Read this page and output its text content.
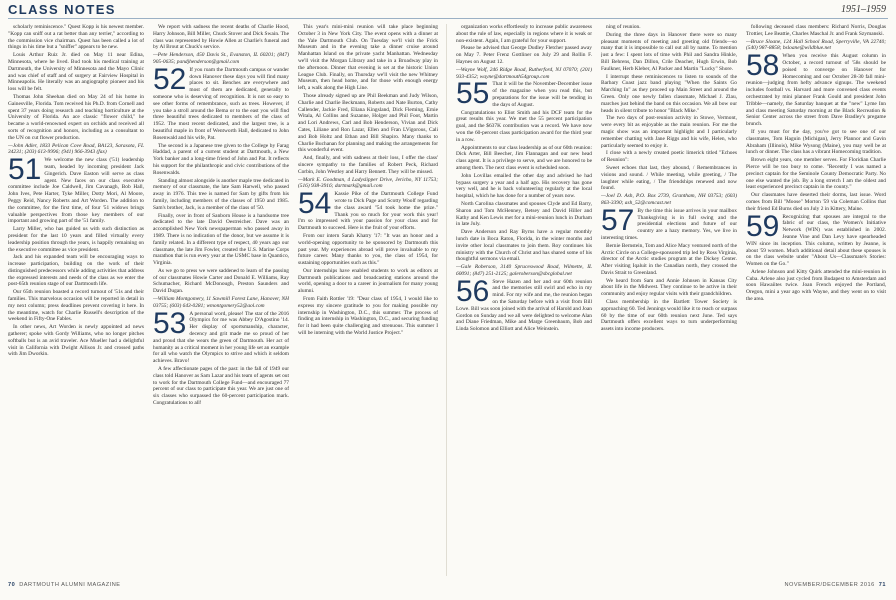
CLASS NOTES	1951–1959

scholarly reminiscence." Quest Kopp is his newest member. "Kopp can sniff out a rat better than any terrier," according to the commission vice chairman. Quest has been called a lot of things in his time but a "sniffer" appears to be new.

Louis Arthur Ruiz Jr. died on May 11 near Edina, Minnesota, where he lived. Bud took his medical training at Dartmouth, the University of Minnesota and the Mayo Clinic and was chief of staff and of surgery at Fairview Hospital in Minneapolis. He literally was an angiography pioneer and his loss will be felt.

Thomas John Sheehan died on May 24 of his home in Gainesville, Florida. Tom received his Ph.D. from Cornell and spent 37 years doing research and teaching horticulture at the University of Florida. An ace classic "flower child," he became a world-renowned expert on orchids and received all sorts of recognition and honors, including as a consultant to the UN on cut flower production.

—John Adler, 1833 Pelican Cove Road, BA123, Sarasota, FL 34231; (203) 613-9996; (941) 966-3943 (fax)

51 We welcome the new class ('51) leadership team, headed by incoming president Jack Gingerich. Dave Easton will serve as class agent. New faces on our class executive committee include Joe Caldwell, Jim Cavanagh, Bob Hall, John Ives, Pete Harter, Tyke Miller, Dotty Mori, Al Moore, Peggy Reid, Nancy Roberts and Art Worden. The addition to the committee, for the first time, of four '51 widows brings valuable perspectives from those key members of our important and growing part of the '51 family.

Larry Miller, who has guided us with such distinction as president for the last 10 years and filled virtually every leadership position through the years, is happily remaining on the executive committee as vice president.

Jack and his expanded team will be encouraging ways to increase participation, building on the work of their distinguished predecessors while adding activities that address the expressed interests and needs of the class as we enter the post-65th reunion stage of our Dartmouth life.

Our 65th reunion boasted a record turnout of '51s and their families. This marvelous occasion will be reported in detail in my next column; press deadlines prevent covering it here. In the meantime, watch for Charlie Russell's description of the weekend in Fifty-One Fables.

In other news, Art Worden is newly appointed ad news gatherer; spoke with Gordy Williams, who no longer pitches softballs but is an avid traveler. Ace Mueller had a delightful visit in California with Dwight Allison Jr. and crossed paths with Jim Dworkin.

We report with sadness the recent deaths of Charlie Hood, Harry Johnson, Bill Miller, Chuck Stover and Dick Swain. The class was represented by Howie Allen at Charlie's funeral and by Al Brout at Chuck's service.

—Pete Henderson, 450 Davis St., Evanston, IL 60201; (847) 905-0635; pandjhenderson@gmail.com

52 If you roam the Dartmouth campus or wander down Hanover these days you will find many places to sit. Benches are everywhere and most of them are dedicated, generally to someone who is deserving of recognition. It is not so easy to see other forms of remembrance, such as trees. However, if you take a stroll around the Bema or to the east you will find three beautiful trees dedicated to members of the class of 1952. The most recent dedicated, and the largest tree, is a beautiful maple in front of Wentworth Hall, dedicated to John Rosenwald and his wife, Pat.

The second is a Japanese tree given to the College by Farag Haddad, a parent of a current student at Dartmouth, a New York banker and a long-time friend of John and Pat. It reflects his support for the philanthropic and civic contributions of the Rosenwalds.

Standing almost alongside is another maple tree dedicated in memory of our classmate, the late Sam Harwell, who passed away in 1976. This tree is named for Sam by gifts from his family, including members of the classes of 1950 and 1985. Sam's brother, Jack, is a member of the class of '50.

Finally, over in front of Sanborn House is a handsome tree dedicated to the late David Oestreicher. Dave was an accomplished New York newspaperman who passed away in 1989. There is no indication of the donor, but we assume it is family related. In a different type of respect, 40 years ago our classmate, the late Jim Fowler, created the U.S. Marine Corps marathon that is run every year at the USMC base in Quantico, Virginia.

As we go to press we were saddened to learn of the passing of our classmates Howie Carter and Donald E. Williams, Ray Schumacher, Richard McDonough, Preston Saunders and David Dugan.

—William Montgomery, 11 Sawmill Forest Lane, Hanover, NH 03755; (603) 643-0281; wmontgomery52@aol.com

53 A personal word, please! The star of the 2016 Olympics for me was Abbey D'Agostino '14. Her display of sportsmanship, character, decency and grit made me so proud of her and proud that she wears the green of Dartmouth. Her act of humanity as a critical moment in her young life set an example for all who watch the Olympics to strive and which it seldom achieves. Bravo!

A few affectionate pages of the past: in the fall of 1949 our class told Hanover as Sam Lazar and his team of agents set out to work for the Dartmouth College Fund—and encouraged 77 percent of our class to participate this year. We are just one of six classes who surpassed the 60-percent participation mark. Congratulations to all!

This year's mini-mini reunion will take place beginning October 3 in New York City. The event opens with a dinner at the Yale Dartmouth Club. On Tuesday we'll visit the Frick Museum and in the evening take a dinner cruise around Manhattan Island on the private yacht Manhattan. Wednesday we'll visit the Morgan Library and take in a Broadway play in the afternoon. Dinner that evening is set at the historic Union League Club. Finally, on Thursday we'll visit the new Whitney Museum, then head home, and for those with enough energy left, a walk along the High Line.

Those already signed up are Phil Beekman and Judy Wilson, Charlie and Charlie Beckmann, Roberts and Nate Burton, Cathy Callender, Jackie Fred, Eliana Kingsland, Dick Fleming, Ernie Witala, Al Collins and Suzanne, Holger and Phil Foot, Martin and Lori Andrews, Carl and Bob Henderson, Vivian and Dick Cates, Liliane and Ron Lazar, Ellen and Fran LVigorous, Cali and Bob Holtz and Ethan and Bill Shapiro. Many thanks to Charlie Buchanan for planning and making the arrangements for this wonderful event.

And, finally, and with sadness at their loss, I offer the class' sincere sympathy to the families of Robert Peck, Richard Corbin, John Westley and Harry Bennett. They will be missed.

—Mark E. Goodman, 4 Ladyslipper Drive, Jericho, NY 11753; (516) 938-3916; dartmark@gmail.com

54 Kassie Pike of the Dartmouth College Fund wrote to Dick Page and Scotty Woolf regarding the class award "54 took home the prize." Thank you so much for your work this year! I'm so impressed with your passion for your class and for Dartmouth to succeed. Here is the fruit of your efforts.

From our intern Sarah Khatry '17: "It was an honor and a world-opening opportunity to be sponsored by Dartmouth this past year. My experiences abroad will prove invaluable to my future career. Many thanks to you, the class of 1954, for sustaining opportunities such as this."

Our internships have enabled students to work as editors at Dartmouth publications and broadcasting stations around the world, opening a door to a career in journalism for many young alumni.

From Faith Rottler '19: "Dear class of 1954, I would like to express my sincere gratitude to you for making possible my internship in Washington, D.C., this summer. The process of finding an internship in Washington, D.C., and securing funding for it had been quite challenging and strenuous. This summer I will be interning with the World Justice Project."

organization works effortlessly to increase public awareness about the rule of law, especially in regions where it is weak or non-existent. Again, I am grateful for your support.

Please be advised that George Dudley Fletcher passed away on May 7. Peter Frenz Gottliner on July 29 and Rollin F. Haynes on August 12.

—Wayne Wolf, 246 Ridge Road, Rutherford, NJ 07070; (201) 933-4352; wayne@dartmouth54group.com

55 That it will be the November-December issue of the magazine when you read this, but preparations for the issue will be tending in the days of August.

Congratulations to Eliot Smith and his DCF team for the great results this year. We met the 55 percent participation goal, and the $637K contribution was a record. We have now won the 60-percent class participation award for the third year in a row.

Appointments to our class leadership as of our 60th reunion: Dick Arter, Bill Beecher, Jim Flannagan and our new head class agent. It is a privilege to serve, and we are honored to be among them. The next class event is scheduled soon.

John Lovillas emailed the other day and advised he had bypass surgery a year and a half ago. His recovery has gone very well, and he is back volunteering regularly at the local hospital, which he has done for a number of years now.

North Carolina classmates and spouses Clyde and Ed Barry, Sharon and Tom McHenney, Betsey and David Hiller and Kathy and Ken Lewis met for a mini-reunion lunch in Durham in late July.

Dave Anderson and Ray Byrns have a regular monthly lunch date in Boca Raton, Florida, in the winter months and invite other local classmates to join them. Roy continues his ministry with the Church of Christ and has shared some of his thoughtful sermons via email.

—Gale Roberson, 3140 Spruceswood Road, Wilmette, IL 60091; (847) 251-2125; galeroberson@sbcglobal.net

56 Steve Hazen and her and our 60th reunion and the memories still swirl and echo in my mind. For my wife and me, the reunion began on the Saturday before with a visit from Bill Lowe. Bill was soon joined with the arrival of Harold and Joan Gordon on Sunday and we all were delighted to welcome Alan and Diane Friedman, Mike and Marge Greenbaum, Bob and Linda Solomon and Elliott and Alice Weinstein.

ning of reunion.

During the three days in Hanover there were so many pleasant moments of meeting and greeting old friends—so many that it is impossible to call out all by name. To mention just a few: I spent lots of time with Phil and Sandra Hinkle, Bill Behrens, Dan Dillon, Crile Deacher, Hugh Erwin, Bob Faulkner, Herb Kleber, Al Packer and Martin "Lucky" Shore.

I interrupt these reminiscences to listen to sounds of the Barbary Coast jazz band playing "When the Saints Go Marching In" as they proceed up Main Street and around the Green. Only one newly fallen classmate, Michael J. Zlau, marches just behind the band on this occasion. We all bow our heads in silent tribute to honor "Black Mike."

The two days of post-reunion activity in Stowe, Vermont, were every bit as enjoyable as the main reunion. For me the magic show was an important highlight and I particularly remember chatting with Jane Riggs and his wife, Helen, who particularly seemed to enjoy it.

I close with a newly created poetic limerick titled "Echoes of Reunion":

Sweet echoes that last, they abound, / Remembrances in visions and sound. / While meeting, while greeting, / The laughter while eating, / The friendships renewed and now found.

—Joel D. Ash, P.O. Box 2739, Grantham, NH 03753; (603) 863-3390; ash_52@comcast.net

57 By the time this issue arrives in your mailbox Thanksgiving is in full swing and the presidential elections and future of our country are a hazy memory. Yes, we live in interesting times.

Bernie Bernstein, Tom and Alice Macy ventured north of the Arctic Circle on a College-sponsored trip led by Ross Virginia, director of the Arctic studies program at the Dickey Center. After visiting Iqaluit in the Canadian north, they crossed the Davis Strait to Greenland.

We heard from Sam and Annie Johnsen in Kansas City about life in the Midwest. They continue to be active in their community and enjoy regular visits with their grandchildren.

Class membership in the Bartlett Tower Society is approaching 60. Ted Jennings would like it to reach or surpass 60 by the time of our 60th reunion next June. Ted says Dartmouth offers excellent ways to turn underperforming assets into income producers.

following deceased class members: Richard Norris, Douglas Trottier, Lee Beattie, Charles Maschal Jr. and Frank Szymanski.

—Bruce Sloane, 124 Hall School Road, Sperryville, VA 22740; (540) 987-8858; bsloane@wildblue.net

58 When you receive this August column in October, a record turnout of '58s should be poised to converge on Hanover for Homecoming and our October 28-30 fall mini-reunion—judging from hefty advance signups. The weekend includes football vs. Harvard and more convened class events orchestrated by mini planner Frank Gould and president John Tribble—namely, the Saturday banquet at the "new" Lyme Inn and class meeting Saturday morning at the Black Recreation & Senior Center across the street from Dave Bradley's pregame brunch.

If you must for the day, you've got to see one of our classmates, Tom Haguin (Michigan), Jerry Plannor and Gavin Abraham (Illinois), Mike Wysong (Maine), you may well be at lunch or dinner. The class has a vibrant Homecoming tradition.

Brown eight years, one member serves. For Floridian Charlie Pierce will be too busy to come. "Recently I was named a precinct captain for the Seminole County Democratic Party. No one else wanted the job. By a long stretch I am the oldest and least experienced precinct captain in the county."

Our classmates have deserted their dorms, last issue. Word comes from Bill "Moose" Morton '59 via Coleman Collins that their friend Ed Burns died on July 2 in Kittery, Maine.

59 Recognizing that spouses are integral to the fabric of our class, the Women's Initiative Network (WIN) was established in 2002. Jeanne Vine and Dan Levy have spearheaded WIN since its inception. This column, written by Jeanne, is about '59 women. Much additional detail about these spouses is on the class website under "About Us—Classmate's Stories: Women on the Go."

Arlene Johnson and Kitty Quirk attended the mini-reunion in Cuba. Arlene also just cycled from Budapest to Amsterdam and soon Hawaiites twice. Joan French enjoyed the Portland, Oregon, mini a year ago with Wayne, and they went on to visit the area.

70 DARTMOUTH ALUMNI MAGAZINE	NOVEMBER/DECEMBER 2016 71
